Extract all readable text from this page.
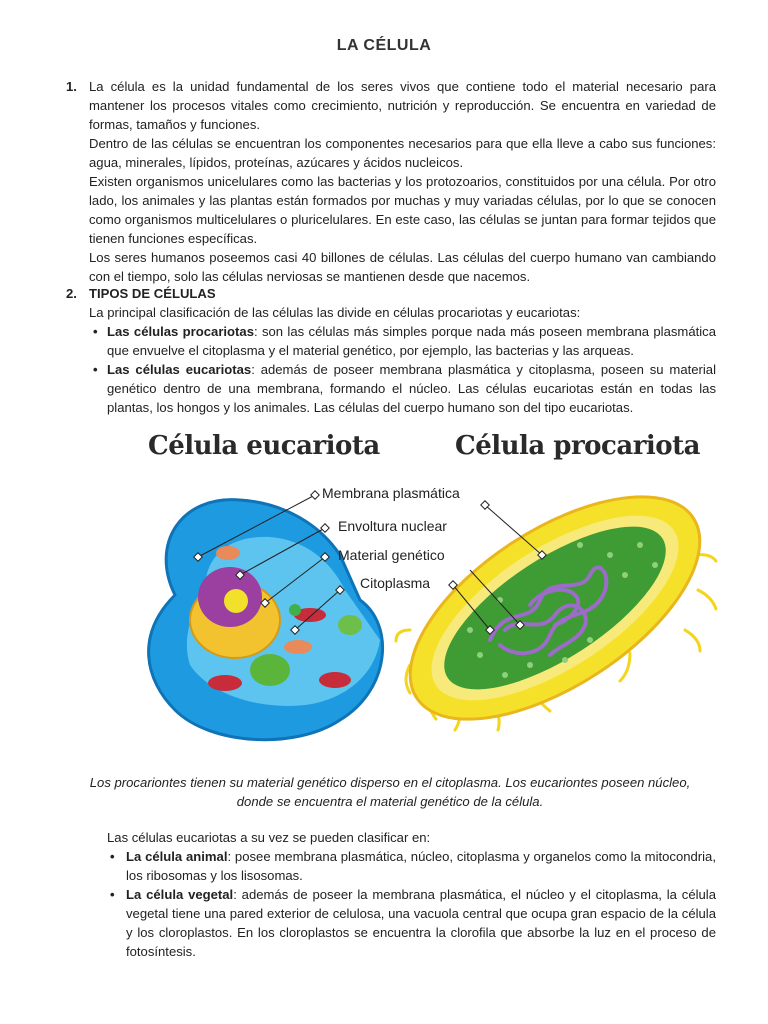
LA CÉLULA
1. La célula es la unidad fundamental de los seres vivos que contiene todo el material necesario para mantener los procesos vitales como crecimiento, nutrición y reproducción. Se encuentra en variedad de formas, tamaños y funciones.

Dentro de las células se encuentran los componentes necesarios para que ella lleve a cabo sus funciones: agua, minerales, lípidos, proteínas, azúcares y ácidos nucleicos.

Existen organismos unicelulares como las bacterias y los protozoarios, constituidos por una célula. Por otro lado, los animales y las plantas están formados por muchas y muy variadas células, por lo que se conocen como organismos multicelulares o pluricelulares. En este caso, las células se juntan para formar tejidos que tienen funciones específicas.

Los seres humanos poseemos casi 40 billones de células. Las células del cuerpo humano van cambiando con el tiempo, solo las células nerviosas se mantienen desde que nacemos.

2. TIPOS DE CÉLULAS

La principal clasificación de las células las divide en células procariotas y eucariotas:

• Las células procariotas: son las células más simples porque nada más poseen membrana plasmática que envuelve el citoplasma y el material genético, por ejemplo, las bacterias y las arqueas.
• Las células eucariotas: además de poseer membrana plasmática y citoplasma, poseen su material genético dentro de una membrana, formando el núcleo. Las células eucariotas están en todas las plantas, los hongos y los animales. Las células del cuerpo humano son del tipo eucariotas.
Célula eucariota	Célula procariota
Membrana plasmática
Envoltura nuclear
Material genético
Citoplasma
Los procariontes tienen su material genético disperso en el citoplasma. Los eucariontes poseen núcleo, donde se encuentra el material genético de la célula.

Las células eucariotas a su vez se pueden clasificar en:

• La célula animal: posee membrana plasmática, núcleo, citoplasma y organelos como la mitocondria, los ribosomas y los lisosomas.
• La célula vegetal: además de poseer la membrana plasmática, el núcleo y el citoplasma, la célula vegetal tiene una pared exterior de celulosa, una vacuola central que ocupa gran espacio de la célula y los cloroplastos. En los cloroplastos se encuentra la clorofila que absorbe la luz en el proceso de fotosíntesis.
